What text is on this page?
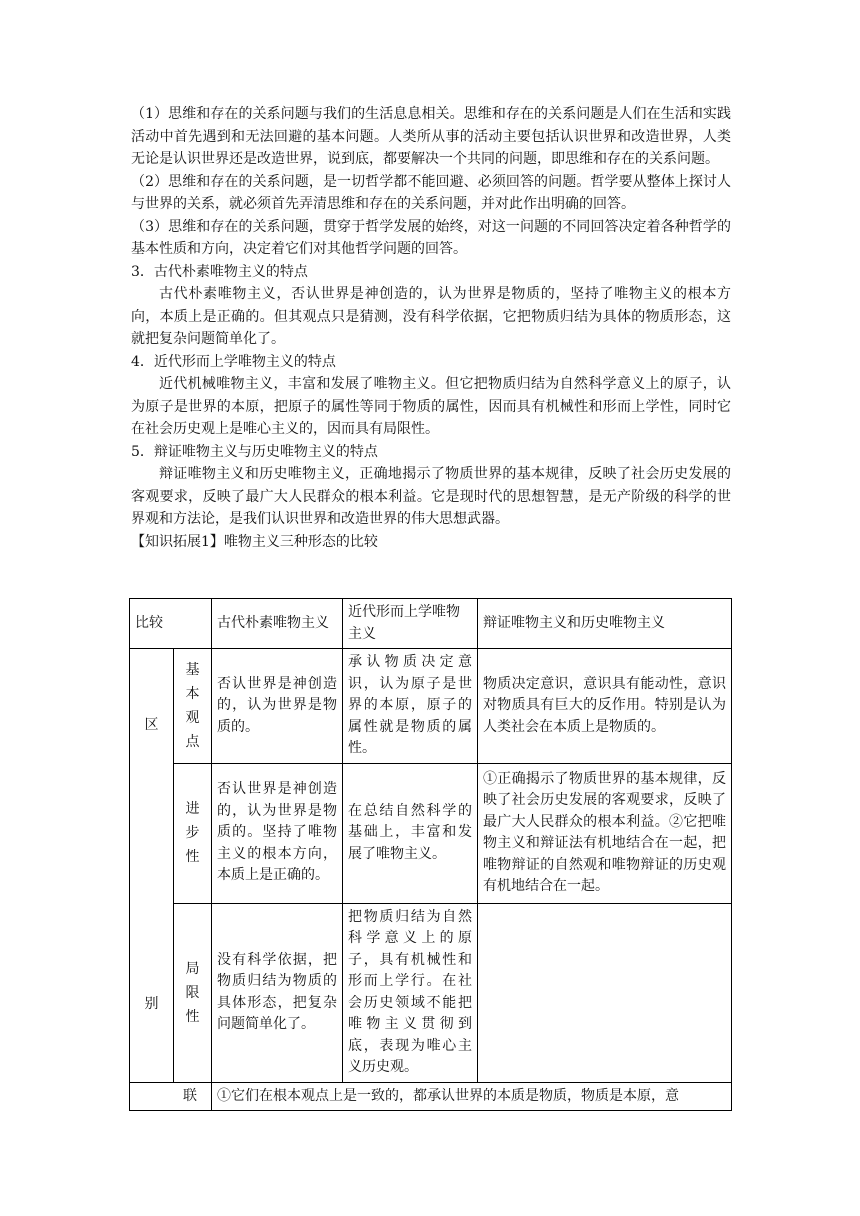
（1）思维和存在的关系问题与我们的生活息息相关。思维和存在的关系问题是人们在生活和实践活动中首先遇到和无法回避的基本问题。人类所从事的活动主要包括认识世界和改造世界，人类无论是认识世界还是改造世界，说到底，都要解决一个共同的问题，即思维和存在的关系问题。

（2）思维和存在的关系问题，是一切哲学都不能回避、必须回答的问题。哲学要从整体上探讨人与世界的关系，就必须首先弄清思维和存在的关系问题，并对此作出明确的回答。

（3）思维和存在的关系问题，贯穿于哲学发展的始终，对这一问题的不同回答决定着各种哲学的基本性质和方向，决定着它们对其他哲学问题的回答。

3．古代朴素唯物主义的特点

古代朴素唯物主义，否认世界是神创造的，认为世界是物质的，坚持了唯物主义的根本方向，本质上是正确的。但其观点只是猜测，没有科学依据，它把物质归结为具体的物质形态，这就把复杂问题简单化了。

4．近代形而上学唯物主义的特点

近代机械唯物主义，丰富和发展了唯物主义。但它把物质归结为自然科学意义上的原子，认为原子是世界的本原，把原子的属性等同于物质的属性，因而具有机械性和形而上学性，同时它在社会历史观上是唯心主义的，因而具有局限性。

5．辩证唯物主义与历史唯物主义的特点

辩证唯物主义和历史唯物主义，正确地揭示了物质世界的基本规律，反映了社会历史发展的客观要求，反映了最广大人民群众的根本利益。它是现时代的思想智慧，是无产阶级的科学的世界观和方法论，是我们认识世界和改造世界的伟大思想武器。

【知识拓展1】唯物主义三种形态的比较

比较		古代朴素唯物主义	近代形而上学唯物主义	辩证唯物主义和历史唯物主义

区
别	基本观点	否认世界是神创造的，认为世界是物质的。	承认物质决定意识，认为原子是世界的本原，原子的属性就是物质的属性。	物质决定意识，意识具有能动性，意识对物质具有巨大的反作用。特别是认为人类社会在本质上是物质的。
	进步性	否认世界是神创造的，认为世界是物质的。坚持了唯物主义的根本方向，本质上是正确的。	在总结自然科学的基础上，丰富和发展了唯物主义。	①正确揭示了物质世界的基本规律，反映了社会历史发展的客观要求，反映了最广大人民群众的根本利益。②它把唯物主义和辩证法有机地结合在一起，把唯物辩证的自然观和唯物辩证的历史观有机地结合在一起。
	局限性	没有科学依据，把物质归结为物质的具体形态，把复杂问题简单化了。	把物质归结为自然科学意义上的原子，具有机械性和形而上学行。在社会历史领域不能把唯物主义贯彻到底，表现为唯心主义历史观。	
联		①它们在根本观点上是一致的，都承认世界的本质是物质，物质是本原，意		
